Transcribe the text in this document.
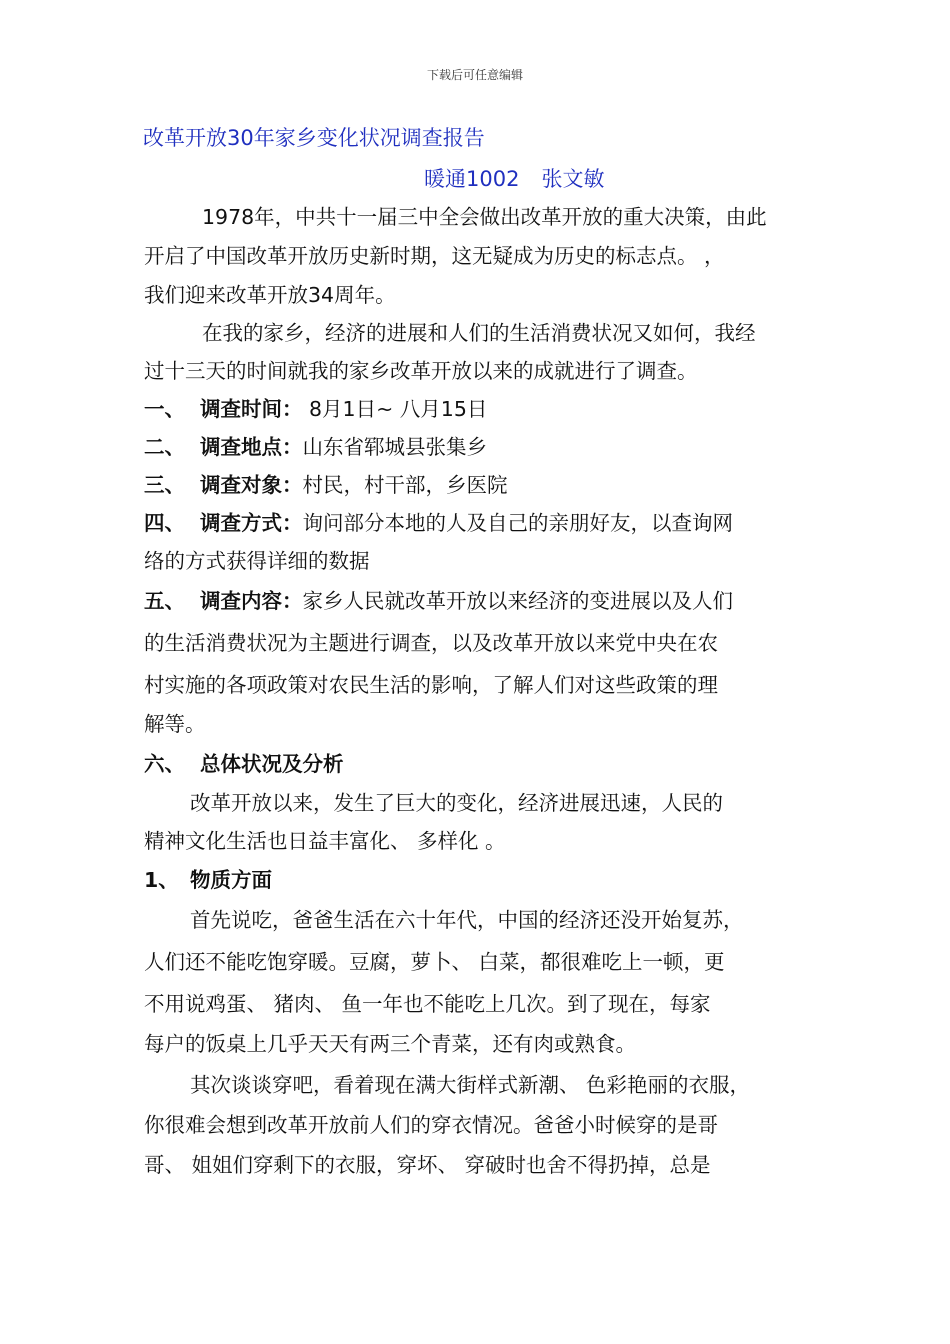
下载后可任意编辑
改革开放30年家乡变化状况调查报告
暖通1002 张文敏
1978年，中共十一届三中全会做出改革开放的重大决策，由此
开启了中国改革开放历史新时期，这无疑成为历史的标志点。 ，
我们迎来改革开放34周年。
在我的家乡，经济的进展和人们的生活消费状况又如何，我经
过十三天的时间就我的家乡改革开放以来的成就进行了调查。
一、 调查时间： 8月1日~ 八月15日
二、 调查地点：山东省郓城县张集乡
三、 调查对象：村民，村干部，乡医院
四、 调查方式：询问部分本地的人及自己的亲朋好友，以查询网
络的方式获得详细的数据
五、 调查内容：家乡人民就改革开放以来经济的变进展以及人们
的生活消费状况为主题进行调查，以及改革开放以来党中央在农
村实施的各项政策对农民生活的影响，了解人们对这些政策的理
解等。
六、 总体状况及分析
改革开放以来，发生了巨大的变化，经济进展迅速，人民的
精神文化生活也日益丰富化、 多样化 。
1、 物质方面
首先说吃，爸爸生活在六十年代，中国的经济还没开始复苏，
人们还不能吃饱穿暖。豆腐，萝卜、 白菜，都很难吃上一顿，更
不用说鸡蛋、 猪肉、 鱼一年也不能吃上几次。到了现在，每家
每户的饭桌上几乎天天有两三个青菜，还有肉或熟食。
其次谈谈穿吧，看着现在满大街样式新潮、 色彩艳丽的衣服，
你很难会想到改革开放前人们的穿衣情况。爸爸小时候穿的是哥
哥、 姐姐们穿剩下的衣服，穿坏、 穿破时也舍不得扔掉，总是
